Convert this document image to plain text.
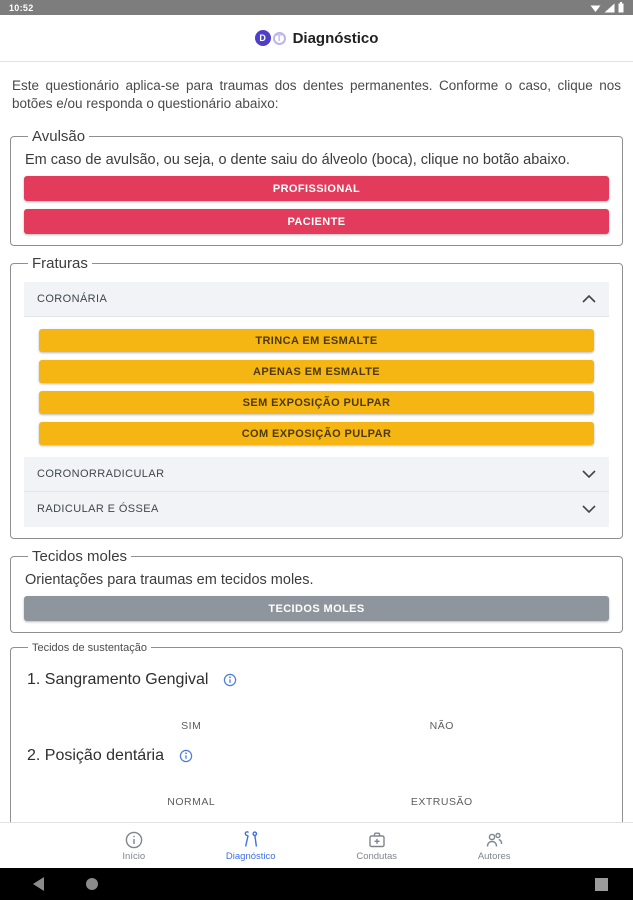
10:52
D	T Diagnóstico

Este questionário aplica-se para traumas dos dentes permanentes. Conforme o caso, clique nos botões e/ou responda o questionário abaixo:

Avulsão

Em caso de avulsão, ou seja, o dente saiu do álveolo (boca), clique no botão abaixo.

PROFISSIONAL
PACIENTE
Fraturas
CORONÁRIA
TRINCA EM ESMALTE
APENAS EM ESMALTE
SEM EXPOSIÇÃO PULPAR
COM EXPOSIÇÃO PULPAR
CORONORRADICULAR
RADICULAR E ÓSSEA
Tecidos moles

Orientações para traumas em tecidos moles.

TECIDOS MOLES
Tecidos de sustentação
1. Sangramento Gengival
SIM	NÃO
2. Posição dentária
NORMAL	EXTRUSÃO
Início	Diagnóstico	Condutas	Autores
